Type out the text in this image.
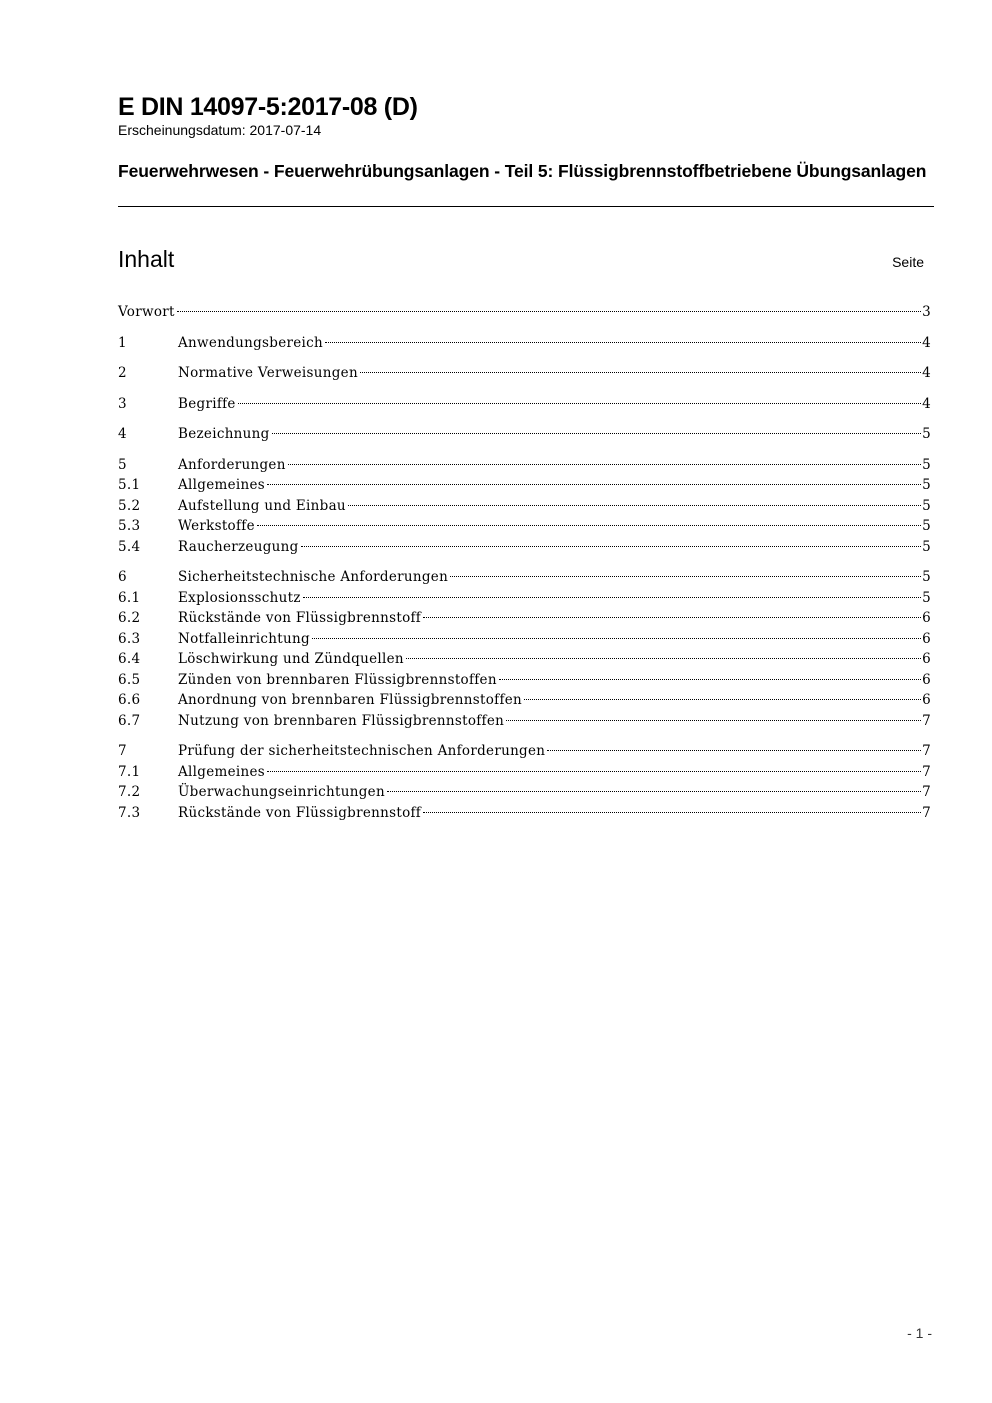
E DIN 14097-5:2017-08 (D)
Erscheinungsdatum: 2017-07-14
Feuerwehrwesen - Feuerwehrübungsanlagen - Teil 5: Flüssigbrennstoffbetriebene Übungsanlagen
Inhalt	Seite
Vorwort	3
1	Anwendungsbereich	4
2	Normative Verweisungen	4
3	Begriffe	4
4	Bezeichnung	5
5	Anforderungen	5
5.1	Allgemeines	5
5.2	Aufstellung und Einbau	5
5.3	Werkstoffe	5
5.4	Raucherzeugung	5
6	Sicherheitstechnische Anforderungen	5
6.1	Explosionsschutz	5
6.2	Rückstände von Flüssigbrennstoff	6
6.3	Notfalleinrichtung	6
6.4	Löschwirkung und Zündquellen	6
6.5	Zünden von brennbaren Flüssigbrennstoffen	6
6.6	Anordnung von brennbaren Flüssigbrennstoffen	6
6.7	Nutzung von brennbaren Flüssigbrennstoffen	7
7	Prüfung der sicherheitstechnischen Anforderungen	7
7.1	Allgemeines	7
7.2	Überwachungseinrichtungen	7
7.3	Rückstände von Flüssigbrennstoff	7
- 1 -
